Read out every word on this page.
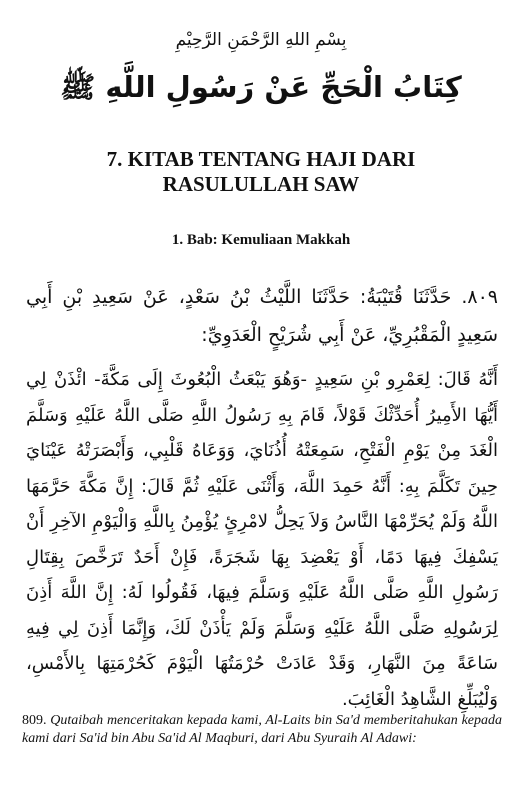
بِسْمِ اللهِ الرَّحْمَنِ الرَّحِيْمِ
كِتَابُ الْحَجِّ عَنْ رَسُولِ اللَّهِ ﷺ
7. KITAB TENTANG HAJI DARI
RASULULLAH SAW
1. Bab: Kemuliaan Makkah
٨٠٩. حَدَّثَنَا قُتَيْبَةُ: حَدَّثَنَا اللَّيْثُ بْنُ سَعْدٍ، عَنْ سَعِيدِ بْنِ أَبِي سَعِيدٍ الْمَقْبُرِيِّ، عَنْ أَبِي شُرَيْحٍ الْعَدَوِيِّ:
أَنَّهُ قَالَ: لِعَمْرِو بْنِ سَعِيدٍ -وَهُوَ يَبْعَثُ الْبُعُوثَ إِلَى مَكَّةَ- ائْذَنْ لِي أَيُّهَا الأَمِيرُ أُحَدِّثْكَ قَوْلاً، قَامَ بِهِ رَسُولُ اللَّهِ صَلَّى اللَّهُ عَلَيْهِ وَسَلَّمَ الْغَدَ مِنْ يَوْمِ الْفَتْحِ، سَمِعَتْهُ أُذُنَايَ، وَوَعَاهُ قَلْبِي، وَأَبْصَرَتْهُ عَيْنَايَ حِينَ تَكَلَّمَ بِهِ: أَنَّهُ حَمِدَ اللَّهَ، وَأَثْنَى عَلَيْهِ ثُمَّ قَالَ: إِنَّ مَكَّةَ حَرَّمَهَا اللَّهُ وَلَمْ يُحَرِّمْهَا النَّاسُ وَلاَ يَحِلُّ لامْرِئٍ يُؤْمِنُ بِاللَّهِ وَالْيَوْمِ الآخِرِ أَنْ يَسْفِكَ فِيهَا دَمًا، أَوْ يَعْضِدَ بِهَا شَجَرَةً، فَإِنْ أَحَدٌ تَرَخَّصَ بِقِتَالِ رَسُولِ اللَّهِ صَلَّى اللَّهُ عَلَيْهِ وَسَلَّمَ فِيهَا، فَقُولُوا لَهُ: إِنَّ اللَّهَ أَذِنَ لِرَسُولِهِ صَلَّى اللَّهُ عَلَيْهِ وَسَلَّمَ وَلَمْ يَأْذَنْ لَكَ، وَإِنَّمَا أَذِنَ لِي فِيهِ سَاعَةً مِنَ النَّهَارِ، وَقَدْ عَادَتْ حُرْمَتُهَا الْيَوْمَ كَحُرْمَتِهَا بِالأَمْسِ، وَلْيُبَلِّغِ الشَّاهِدُ الْغَائِبَ.
809. Qutaibah menceritakan kepada kami, Al-Laits bin Sa'd memberitahukan kepada kami dari Sa'id bin Abu Sa'id Al Maqburi, dari Abu Syuraih Al Adawi:
